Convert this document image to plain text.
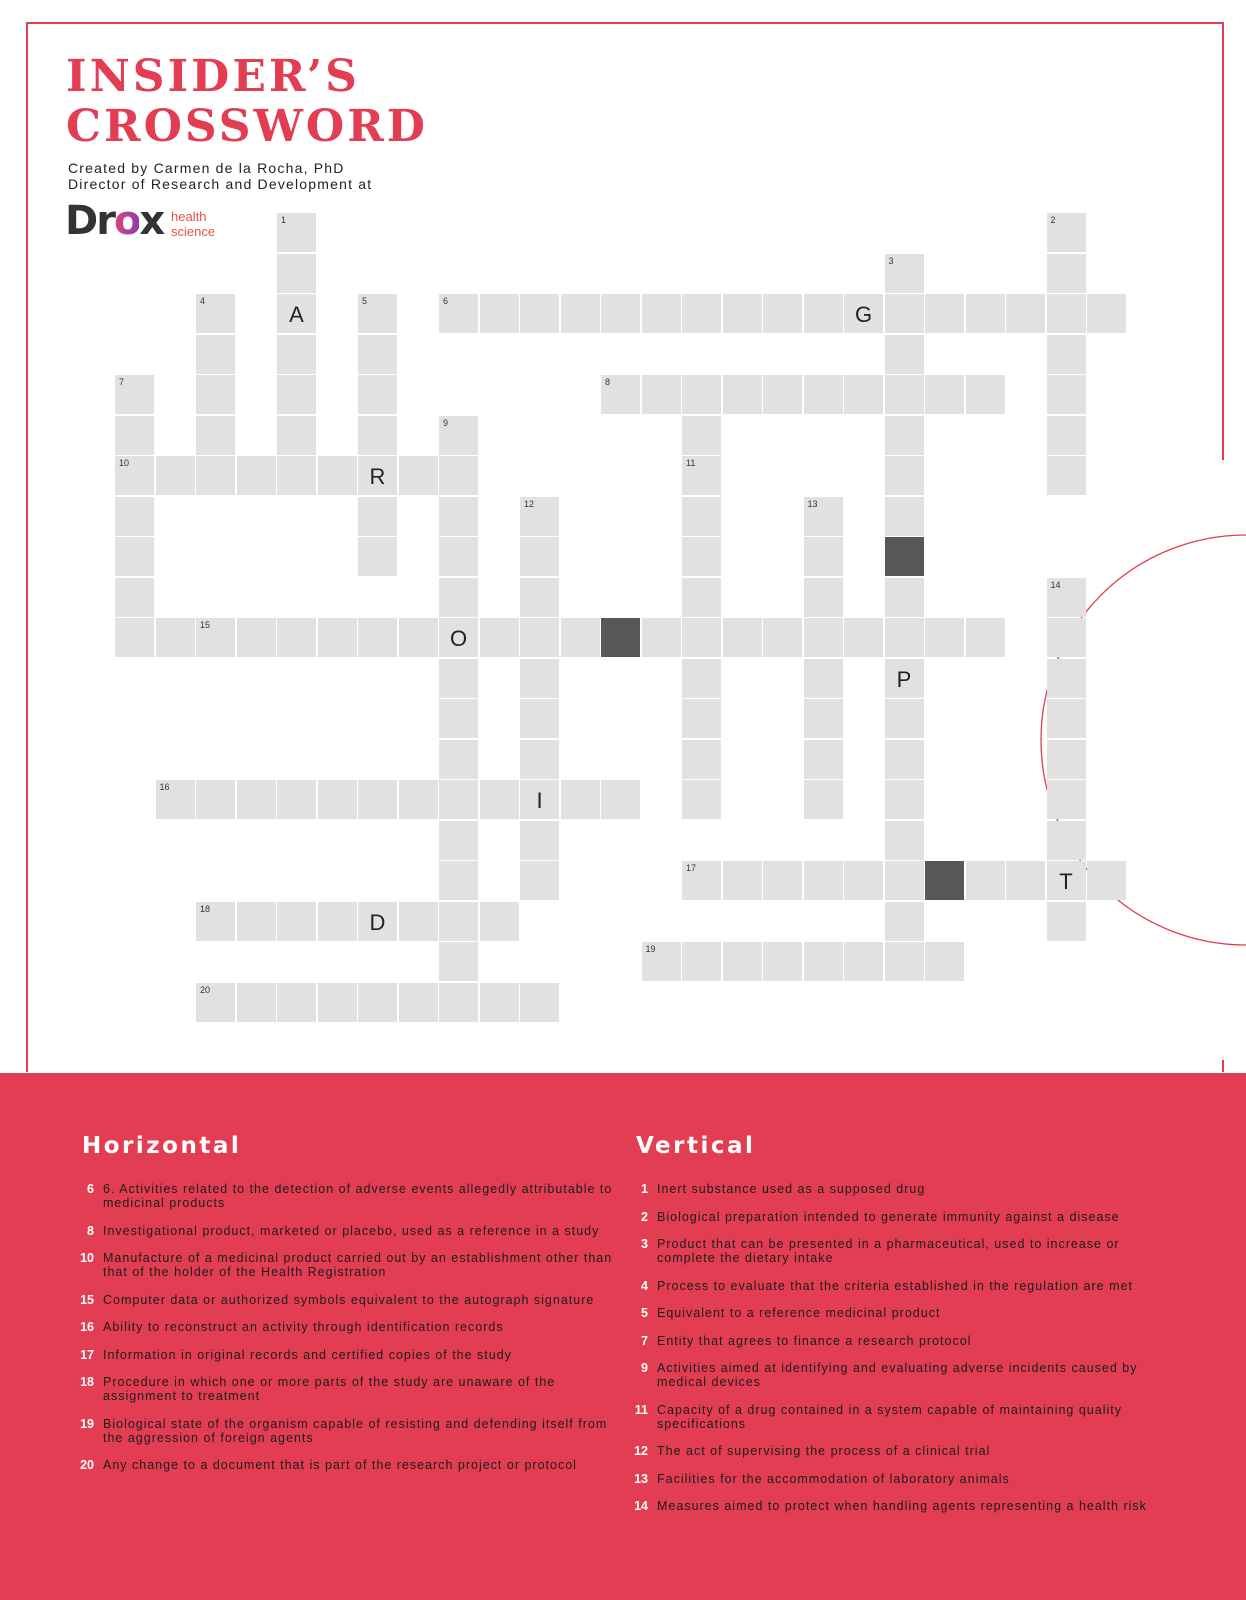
INSIDER’S
CROSSWORD
Created by Carmen de la Rocha, PhD
Director of Research and Development at
Drox health
science
6
G
8
10
R
15
O
16
I
17
T
18
D
19
20
1
A
2
3
P
4	5
7
9
11
12	13
14
Horizontal
6 6. Activities related to the detection of adverse events allegedly attributable to medicinal products
8 Investigational product, marketed or placebo, used as a reference in a study
10 Manufacture of a medicinal product carried out by an establishment other than that of the holder of the Health Registration
15 Computer data or authorized symbols equivalent to the autograph signature
16 Ability to reconstruct an activity through identification records
17 Information in original records and certified copies of the study
18 Procedure in which one or more parts of the study are unaware of the assignment to treatment
19 Biological state of the organism capable of resisting and defending itself from the aggression of foreign agents
20 Any change to a document that is part of the research project or protocol
Vertical
1 Inert substance used as a supposed drug
2 Biological preparation intended to generate immunity against a disease
3 Product that can be presented in a pharmaceutical, used to increase or complete the dietary intake
4 Process to evaluate that the criteria established in the regulation are met
5 Equivalent to a reference medicinal product
7 Entity that agrees to finance a research protocol
9 Activities aimed at identifying and evaluating adverse incidents caused by medical devices
11 Capacity of a drug contained in a system capable of maintaining quality specifications
12 The act of supervising the process of a clinical trial
13 Facilities for the accommodation of laboratory animals
14 Measures aimed to protect when handling agents representing a health risk
